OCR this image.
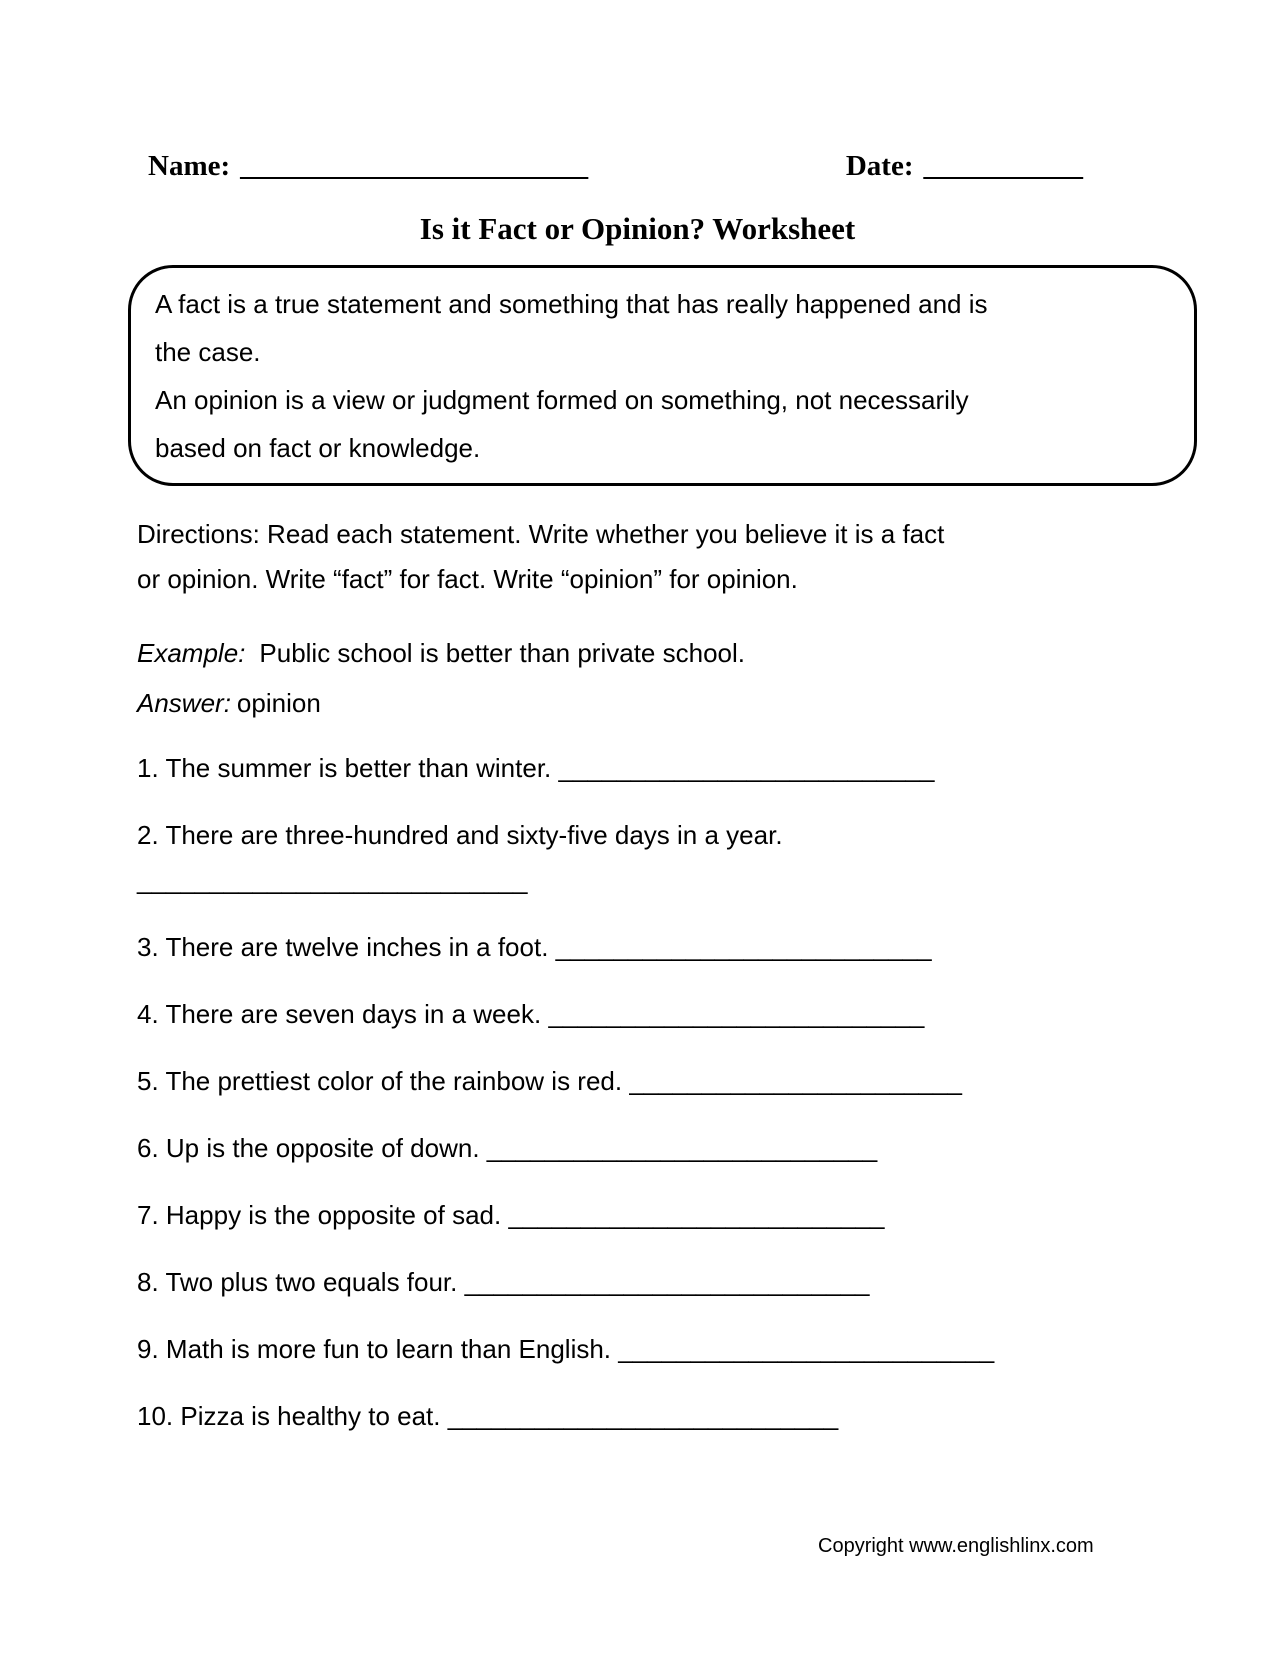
Name: ________________________	Date: ___________
Is it Fact or Opinion? Worksheet
A fact is a true statement and something that has really happened and is
the case.
An opinion is a view or judgment formed on something, not necessarily
based on fact or knowledge.
Directions: Read each statement. Write whether you believe it is a fact
or opinion. Write “fact” for fact. Write “opinion” for opinion.
Example: Public school is better than private school.
Answer: opinion

1. The summer is better than winter. __________________________

2. There are three-hundred and sixty-five days in a year. ___________________________

3. There are twelve inches in a foot. __________________________

4. There are seven days in a week. __________________________

5. The prettiest color of the rainbow is red. _______________________

6. Up is the opposite of down. ___________________________

7. Happy is the opposite of sad. __________________________

8. Two plus two equals four. ____________________________

9. Math is more fun to learn than English. __________________________

10. Pizza is healthy to eat. ___________________________

Copyright www.englishlinx.com
